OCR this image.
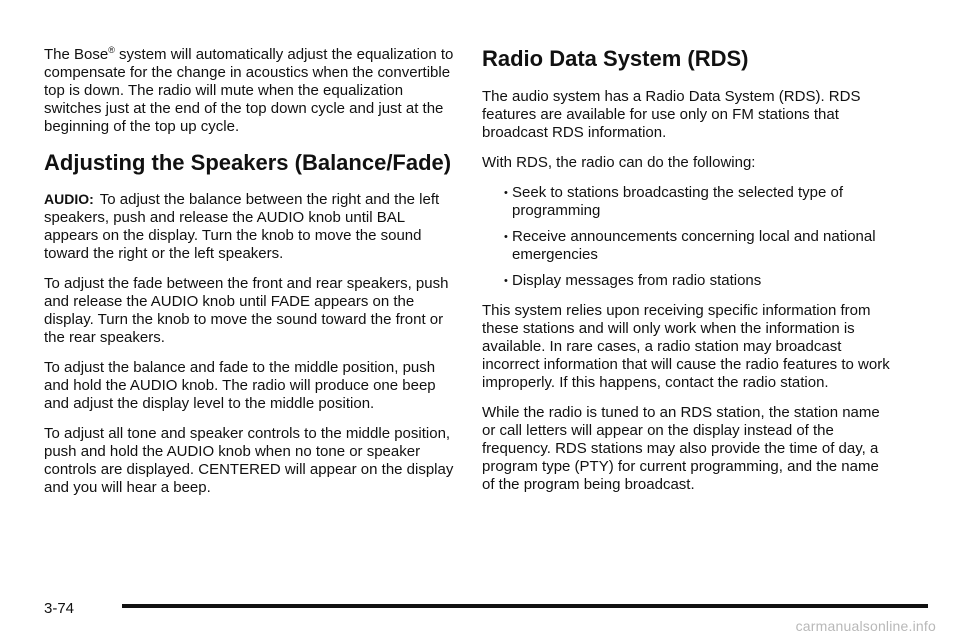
The Bose® system will automatically adjust the equalization to compensate for the change in acoustics when the convertible top is down. The radio will mute when the equalization switches just at the end of the top down cycle and just at the beginning of the top up cycle.

Adjusting the Speakers (Balance/Fade)

AUDIO: To adjust the balance between the right and the left speakers, push and release the AUDIO knob until BAL appears on the display. Turn the knob to move the sound toward the right or the left speakers.

To adjust the fade between the front and rear speakers, push and release the AUDIO knob until FADE appears on the display. Turn the knob to move the sound toward the front or the rear speakers.

To adjust the balance and fade to the middle position, push and hold the AUDIO knob. The radio will produce one beep and adjust the display level to the middle position.

To adjust all tone and speaker controls to the middle position, push and hold the AUDIO knob when no tone or speaker controls are displayed. CENTERED will appear on the display and you will hear a beep.

Radio Data System (RDS)

The audio system has a Radio Data System (RDS). RDS features are available for use only on FM stations that broadcast RDS information.

With RDS, the radio can do the following:

• Seek to stations broadcasting the selected type of programming
• Receive announcements concerning local and national emergencies
• Display messages from radio stations

This system relies upon receiving specific information from these stations and will only work when the information is available. In rare cases, a radio station may broadcast incorrect information that will cause the radio features to work improperly. If this happens, contact the radio station.

While the radio is tuned to an RDS station, the station name or call letters will appear on the display instead of the frequency. RDS stations may also provide the time of day, a program type (PTY) for current programming, and the name of the program being broadcast.

3-74
carmanualsonline.info
